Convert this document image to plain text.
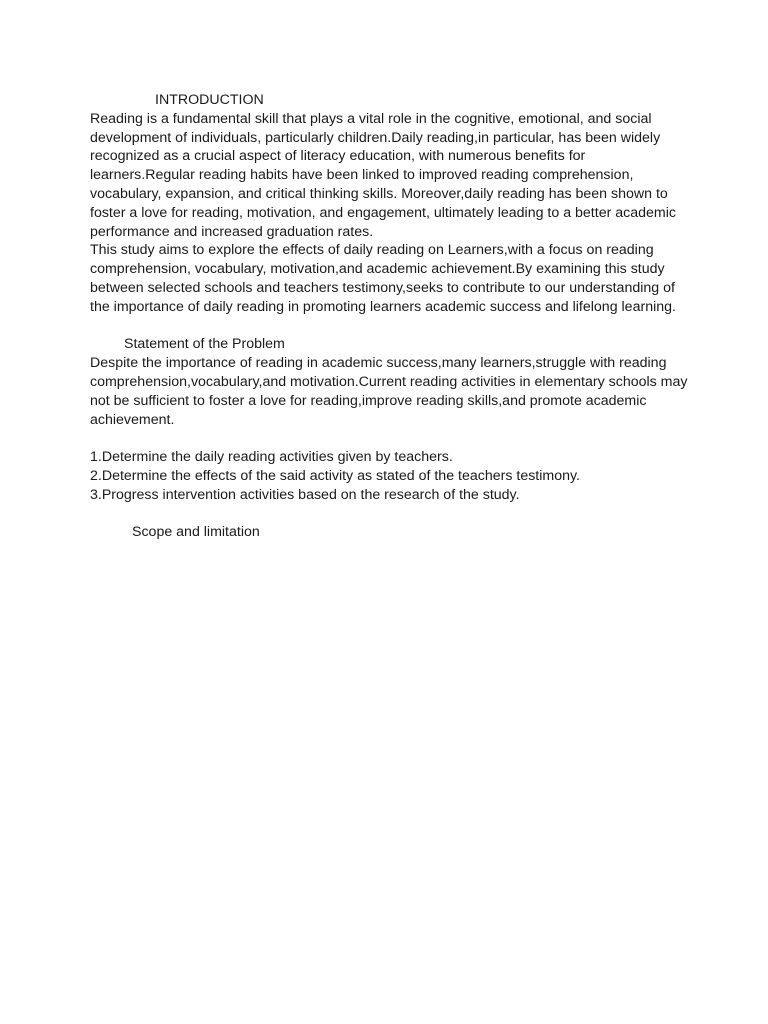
INTRODUCTION
Reading is a fundamental skill that plays a vital role in the cognitive, emotional, and social
development of individuals, particularly children.Daily reading,in particular, has been widely
recognized as a crucial aspect of literacy education, with numerous benefits for
learners.Regular reading habits have been linked to improved reading comprehension,
vocabulary, expansion, and critical thinking skills. Moreover,daily reading has been shown to
foster a love for reading, motivation, and engagement, ultimately leading to a better academic
performance and increased graduation rates.
This study aims to explore the effects of daily reading on Learners,with a focus on reading
comprehension, vocabulary, motivation,and academic achievement.By examining this study
between selected schools and teachers testimony,seeks to contribute to our understanding of
the importance of daily reading in promoting learners academic success and lifelong learning.
Statement of the Problem
Despite the importance of reading in academic success,many learners,struggle with reading
comprehension,vocabulary,and motivation.Current reading activities in elementary schools may
not be sufficient to foster a love for reading,improve reading skills,and promote academic
achievement.
1.Determine the daily reading activities given by teachers.
2.Determine the effects of the said activity as stated of the teachers testimony.
3.Progress intervention activities based on the research of the study.
Scope and limitation
